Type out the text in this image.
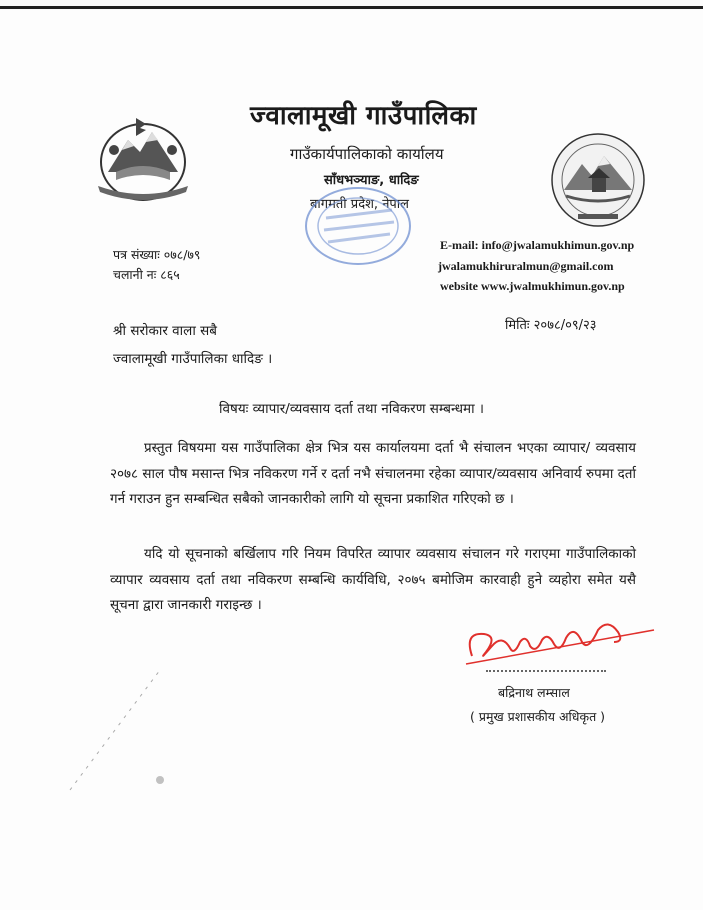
ज्वालामूखी गाउँपालिका
गाउँकार्यपालिकाको कार्यालय
साँधभञ्याङ, धादिङ
बागमती प्रदेश, नेपाल
E-mail: info@jwalamukhimun.gov.np
jwalamukhiruralmun@gmail.com
website www.jwalmukhimun.gov.np
पत्र संख्याः ०७८/७९
चलानी नः ८६५
मितिः २०७८/०९/२३
श्री सरोकार वाला सबै
ज्वालामूखी गाउँपालिका धादिङ ।
विषयः व्यापार/व्यवसाय दर्ता तथा नविकरण सम्बन्धमा ।

प्रस्तुत विषयमा यस गाउँपालिका क्षेत्र भित्र यस कार्यालयमा दर्ता भै संचालन भएका व्यापार/ व्यवसाय २०७८ साल पौष मसान्त भित्र नविकरण गर्ने र दर्ता नभै संचालनमा रहेका व्यापार/व्यवसाय अनिवार्य रुपमा दर्ता गर्न गराउन हुन सम्बन्धित सबैको जानकारीको लागि यो सूचना प्रकाशित गरिएको छ ।

यदि यो सूचनाको बर्खिलाप गरि नियम विपरित व्यापार व्यवसाय संचालन गरे गराएमा गाउँपालिकाको व्यापार व्यवसाय दर्ता तथा नविकरण सम्बन्धि कार्यविधि, २०७५ बमोजिम कारवाही हुने व्यहोरा समेत यसै सूचना द्वारा जानकारी गराइन्छ ।

बद्रिनाथ लम्साल
( प्रमुख प्रशासकीय अधिकृत )
